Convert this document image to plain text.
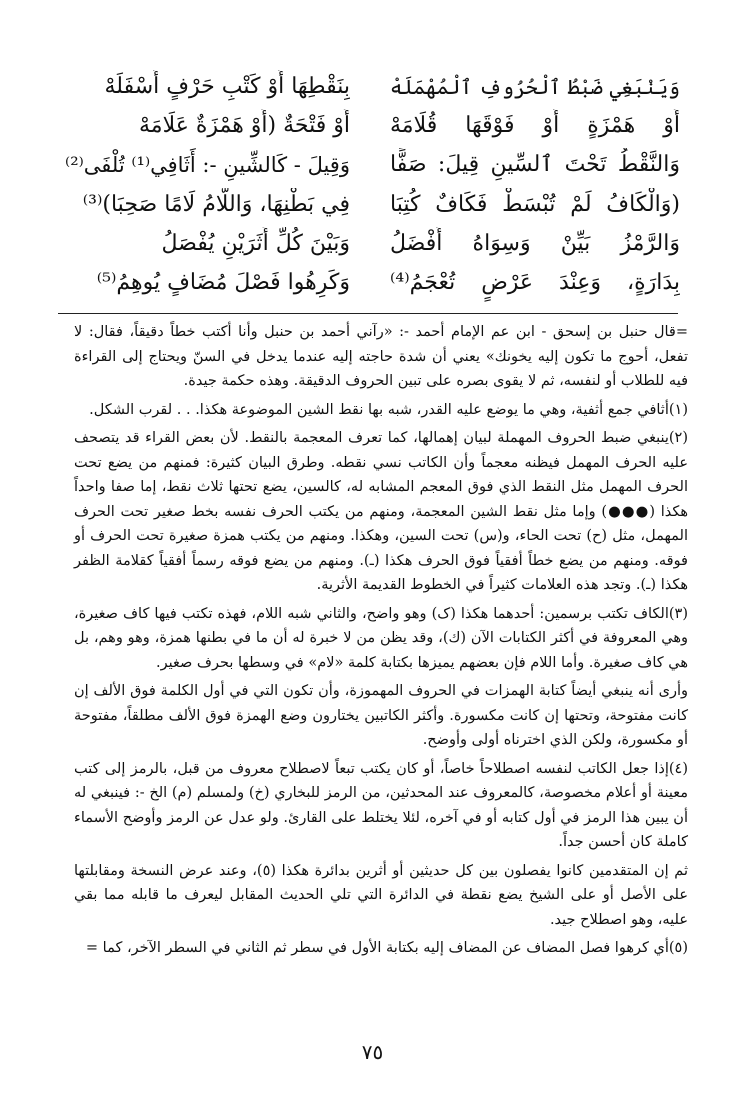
وَيَنْبَغِي ضَبْطُ ٱلْحُرُوفِ ٱلْمُهْمَلَهْ
أَوْ هَمْزَةٍ أَوْ فَوْقَهَا قُلَامَهْ
وَالنَّقْطُ تَحْتَ ٱلسِّينِ قِيلَ: صَفًّا
(وَالْكَافُ لَمْ تُبْسَطْ فَكَافٌ كُتِبَا
وَالرَّمْزُ بَيِّنْ وَسِوَاهُ أَفْضَلُ
بِدَارَةٍ، وَعِنْدَ عَرْضٍ تُعْجَمُ⁽⁴⁾
بِنَقْطِهَا أَوْ كَتْبِ حَرْفٍ أَسْفَلَهْ
أَوْ فَتْحَةٌ (أَوْ هَمْزَةٌ عَلَامَهْ
وَقِيلَ - كَالشِّينِ -: أَثَافِي⁽¹⁾ تُلْفَى⁽²⁾
فِي بَطْنِهَا، وَاللَّامُ لَامًا صَحِبَا)⁽³⁾
وَبَيْنَ كُلِّ أَثَرَيْنِ يُفْصَلُ
وَكَرِهُوا فَصْلَ مُضَافٍ يُوهِمُ⁽⁵⁾

=قال حنبل بن إسحق - ابن عم الإمام أحمد -: «رآني أحمد بن حنبل وأنا أكتب خطاً دقيقاً، فقال: لا تفعل، أحوج ما تكون إليه يخونك» يعني أن شدة حاجته إليه عندما يدخل في السنّ ويحتاج إلى القراءة فيه للطلاب أو لنفسه، ثم لا يقوى بصره على تبين الحروف الدقيقة. وهذه حكمة جيدة.

(١)أثافي جمع أثفية، وهي ما يوضع عليه القدر، شبه بها نقط الشين الموضوعة هكذا. . . لقرب الشكل.

(٢)ينبغي ضبط الحروف المهملة لبيان إهمالها، كما تعرف المعجمة بالنقط. لأن بعض القراء قد يتصحف عليه الحرف المهمل فيظنه معجماً وأن الكاتب نسي نقطه. وطرق البيان كثيرة: فمنهم من يضع تحت الحرف المهمل مثل النقط الذي فوق المعجم المشابه له، كالسين، يضع تحتها ثلاث نقط، إما صفا واحداً هكذا (●●●) وإما مثل نقط الشين المعجمة، ومنهم من يكتب الحرف نفسه بخط صغير تحت الحرف المهمل، مثل (ح) تحت الحاء، و(س) تحت السين، وهكذا. ومنهم من يكتب همزة صغيرة تحت الحرف أو فوقه. ومنهم من يضع خطاً أفقياً فوق الحرف هكذا (ـ). ومنهم من يضع فوقه رسماً أفقياً كقلامة الظفر هكذا (ـ). وتجد هذه العلامات كثيراً في الخطوط القديمة الأثرية.

(٣)الكاف تكتب برسمين: أحدهما هكذا (ک) وهو واضح، والثاني شبه اللام، فهذه تكتب فيها كاف صغيرة، وهي المعروفة في أكثر الكتابات الآن (ك)، وقد يظن من لا خبرة له أن ما في بطنها همزة، وهو وهم، بل هي كاف صغيرة. وأما اللام فإن بعضهم يميزها بكتابة كلمة «لام» في وسطها بحرف صغير.

وأرى أنه ينبغي أيضاً كتابة الهمزات في الحروف المهموزة، وأن تكون التي في أول الكلمة فوق الألف إن كانت مفتوحة، وتحتها إن كانت مكسورة. وأكثر الكاتبين يختارون وضع الهمزة فوق الألف مطلقاً، مفتوحة أو مكسورة، ولكن الذي اخترناه أولى وأوضح.

(٤)إذا جعل الكاتب لنفسه اصطلاحاً خاصاً، أو كان يكتب تبعاً لاصطلاح معروف من قبل، بالرمز إلى كتب معينة أو أعلام مخصوصة، كالمعروف عند المحدثين، من الرمز للبخاري (خ) ولمسلم (م) الخ -: فينبغي له أن يبين هذا الرمز في أول كتابه أو في آخره، لئلا يختلط على القارئ. ولو عدل عن الرمز وأوضح الأسماء كاملة كان أحسن جداً.

ثم إن المتقدمين كانوا يفصلون بين كل حديثين أو أثرين بدائرة هكذا (٥)، وعند عرض النسخة ومقابلتها على الأصل أو على الشيخ يضع نقطة في الدائرة التي تلي الحديث المقابل ليعرف ما قابله مما بقي عليه، وهو اصطلاح جيد.

(٥)أي كرهوا فصل المضاف عن المضاف إليه بكتابة الأول في سطر ثم الثاني في السطر الآخر، كما =

٧٥
